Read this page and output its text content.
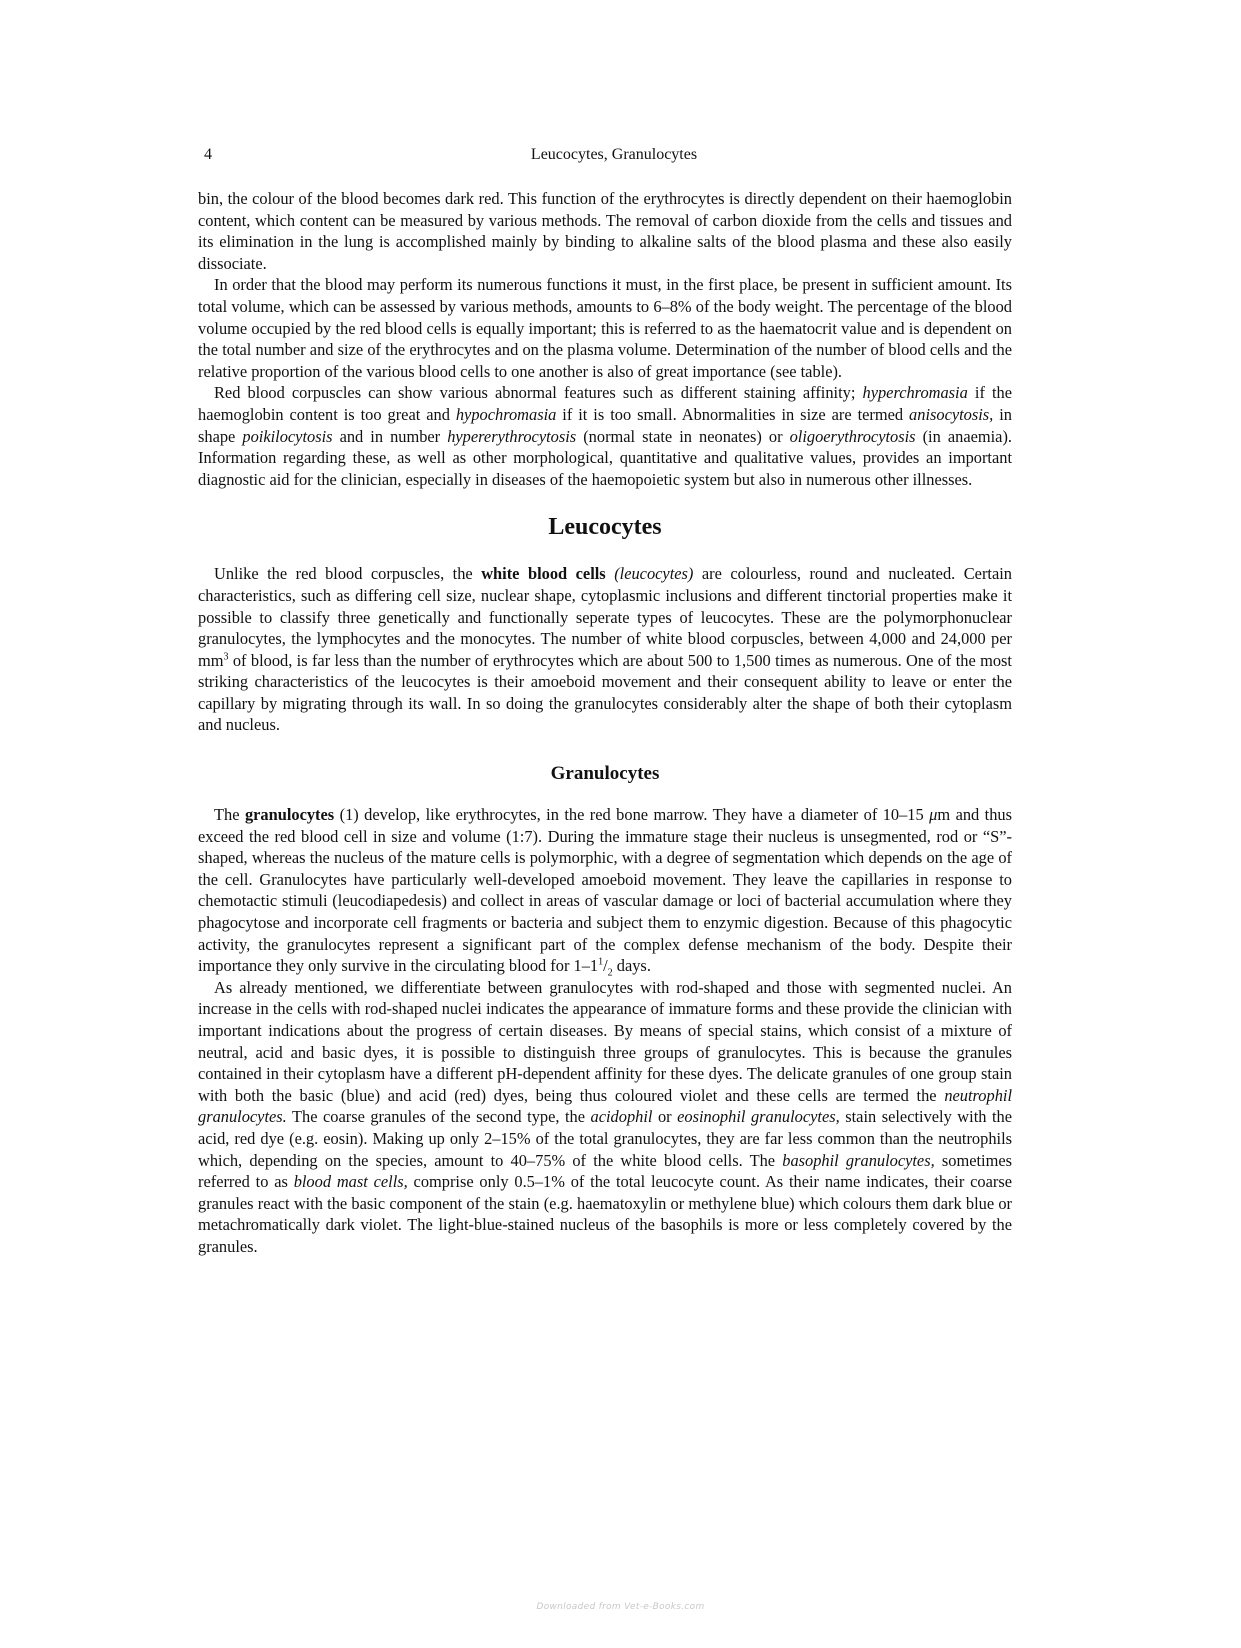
4	Leucocytes, Granulocytes

bin, the colour of the blood becomes dark red. This function of the erythrocytes is directly dependent on their haemoglobin content, which content can be measured by various methods. The removal of carbon dioxide from the cells and tissues and its elimination in the lung is accomplished mainly by binding to alkaline salts of the blood plasma and these also easily dissociate.

In order that the blood may perform its numerous functions it must, in the first place, be present in sufficient amount. Its total volume, which can be assessed by various methods, amounts to 6–8% of the body weight. The percentage of the blood volume occupied by the red blood cells is equally important; this is referred to as the haematocrit value and is dependent on the total number and size of the erythrocytes and on the plasma volume. Determination of the number of blood cells and the relative proportion of the various blood cells to one another is also of great importance (see table).

Red blood corpuscles can show various abnormal features such as different staining affinity; hyperchromasia if the haemoglobin content is too great and hypochromasia if it is too small. Abnormalities in size are termed anisocytosis, in shape poikilocytosis and in number hypererythrocytosis (normal state in neonates) or oligoerythrocytosis (in anaemia). Information regarding these, as well as other morphological, quantitative and qualitative values, provides an important diagnostic aid for the clinician, especially in diseases of the haemopoietic system but also in numerous other illnesses.

Leucocytes

Unlike the red blood corpuscles, the white blood cells (leucocytes) are colourless, round and nucleated. Certain characteristics, such as differing cell size, nuclear shape, cytoplasmic inclusions and different tinctorial properties make it possible to classify three genetically and functionally seperate types of leucocytes. These are the polymorphonuclear granulocytes, the lymphocytes and the monocytes. The number of white blood corpuscles, between 4,000 and 24,000 per $mm^3$ of blood, is far less than the number of erythrocytes which are about 500 to 1,500 times as numerous. One of the most striking characteristics of the leucocytes is their amoeboid movement and their consequent ability to leave or enter the capillary by migrating through its wall. In so doing the granulocytes considerably alter the shape of both their cytoplasm and nucleus.

Granulocytes

The granulocytes (1) develop, like erythrocytes, in the red bone marrow. They have a diameter of 10–15 μm and thus exceed the red blood cell in size and volume (1:7). During the immature stage their nucleus is unsegmented, rod or “S”-shaped, whereas the nucleus of the mature cells is polymorphic, with a degree of segmentation which depends on the age of the cell. Granulocytes have particularly well-developed amoeboid movement. They leave the capillaries in response to chemotactic stimuli (leucodiapedesis) and collect in areas of vascular damage or loci of bacterial accumulation where they phagocytose and incorporate cell fragments or bacteria and subject them to enzymic digestion. Because of this phagocytic activity, the granulocytes represent a significant part of the complex defense mechanism of the body. Despite their importance they only survive in the circulating blood for $1-1^1/_2$ days.

As already mentioned, we differentiate between granulocytes with rod-shaped and those with segmented nuclei. An increase in the cells with rod-shaped nuclei indicates the appearance of immature forms and these provide the clinician with important indications about the progress of certain diseases. By means of special stains, which consist of a mixture of neutral, acid and basic dyes, it is possible to distinguish three groups of granulocytes. This is because the granules contained in their cytoplasm have a different pH-dependent affinity for these dyes. The delicate granules of one group stain with both the basic (blue) and acid (red) dyes, being thus coloured violet and these cells are termed the neutrophil granulocytes. The coarse granules of the second type, the acidophil or eosinophil granulocytes, stain selectively with the acid, red dye (e.g. eosin). Making up only 2–15% of the total granulocytes, they are far less common than the neutrophils which, depending on the species, amount to 40–75% of the white blood cells. The basophil granulocytes, sometimes referred to as blood mast cells, comprise only 0.5–1% of the total leucocyte count. As their name indicates, their coarse granules react with the basic component of the stain (e.g. haematoxylin or methylene blue) which colours them dark blue or metachromatically dark violet. The light-blue-stained nucleus of the basophils is more or less completely covered by the granules.

Downloaded from Vet-e-Books.com
